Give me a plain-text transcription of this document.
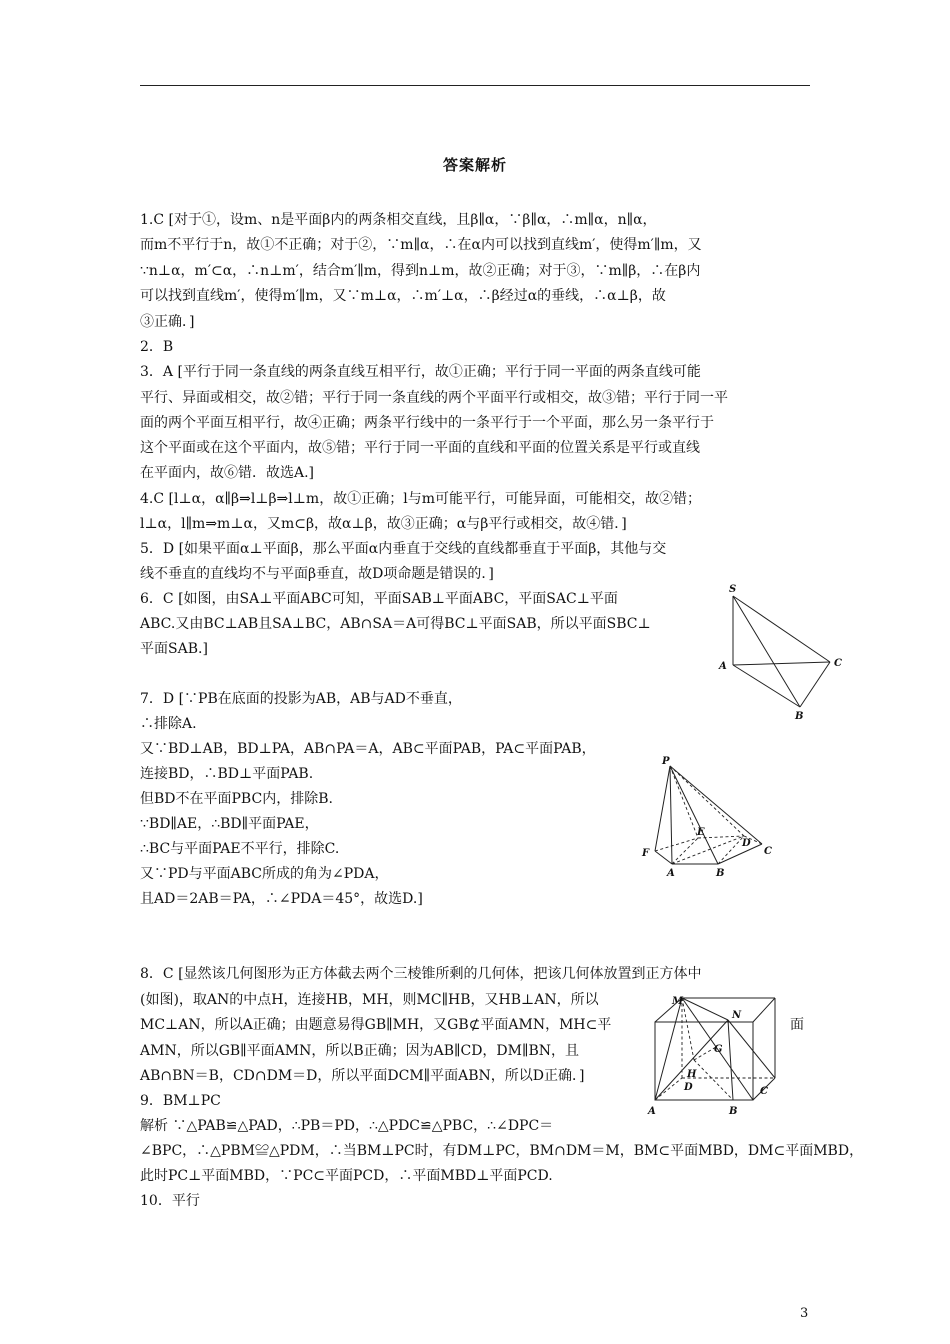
答案解析
1.C [对于①，设m、n是平面β内的两条相交直线，且β∥α，∵β∥α，∴m∥α，n∥α，
而m不平行于n，故①不正确；对于②，∵m∥α，∴在α内可以找到直线m′，使得m′∥m，又
∵n⊥α，m′⊂α，∴n⊥m′，结合m′∥m，得到n⊥m，故②正确；对于③，∵m∥β，∴在β内
可以找到直线m′，使得m′∥m，又∵m⊥α，∴m′⊥α，∴β经过α的垂线，∴α⊥β，故
③正确．]
2．B
3．A [平行于同一条直线的两条直线互相平行，故①正确；平行于同一平面的两条直线可能
平行、异面或相交，故②错；平行于同一条直线的两个平面平行或相交，故③错；平行于同一平
面的两个平面互相平行，故④正确；两条平行线中的一条平行于一个平面，那么另一条平行于
这个平面或在这个平面内，故⑤错；平行于同一平面的直线和平面的位置关系是平行或直线
在平面内，故⑥错．故选A.]
4.C [l⊥α，α∥β⇒l⊥β⇒l⊥m，故①正确；l与m可能平行，可能异面，可能相交，故②错；
l⊥α，l∥m⇒m⊥α，又m⊂β，故α⊥β，故③正确；α与β平行或相交，故④错．]
5．D [如果平面α⊥平面β，那么平面α内垂直于交线的直线都垂直于平面β，其他与交
线不垂直的直线均不与平面β垂直，故D项命题是错误的．]
6．C [如图，由SA⊥平面ABC可知，平面SAB⊥平面ABC，平面SAC⊥平面
ABC.又由BC⊥AB且SA⊥BC，AB∩SA＝A可得BC⊥平面SAB，所以平面SBC⊥
平面SAB.]
7．D [∵PB在底面的投影为AB，AB与AD不垂直，
∴排除A.
又∵BD⊥AB，BD⊥PA，AB∩PA＝A，AB⊂平面PAB，PA⊂平面PAB，
连接BD，∴BD⊥平面PAB.
但BD不在平面PBC内，排除B.
∵BD∥AE，∴BD∥平面PAE，
∴BC与平面PAE不平行，排除C.
又∵PD与平面ABC所成的角为∠PDA，
且AD＝2AB＝PA，∴∠PDA＝45°，故选D.]
8．C [显然该几何图形为正方体截去两个三棱锥所剩的几何体，把该几何体放置到正方体中
(如图)，取AN的中点H，连接HB，MH，则MC∥HB，又HB⊥AN，所以
MC⊥AN，所以A正确；由题意易得GB∥MH，又GB⊄平面AMN，MH⊂平	面
AMN，所以GB∥平面AMN，所以B正确；因为AB∥CD，DM∥BN，且
AB∩BN＝B，CD∩DM＝D，所以平面DCM∥平面ABN，所以D正确．]
9．BM⊥PC
解析 ∵△PAB≌△PAD，∴PB＝PD，∴△PDC≌△PBC，∴∠DPC＝
∠BPC，∴△PBM≌△PDM，∴当BM⊥PC时，有DM⊥PC，BM∩DM＝M，BM⊂平面MBD，DM⊂平面MBD，
此时PC⊥平面MBD，∵PC⊂平面PCD，∴平面MBD⊥平面PCD.
10．平行
S
A
B
C
P
F
A
E
D
B
C
M
N
G
H
D
A	B
C
3
